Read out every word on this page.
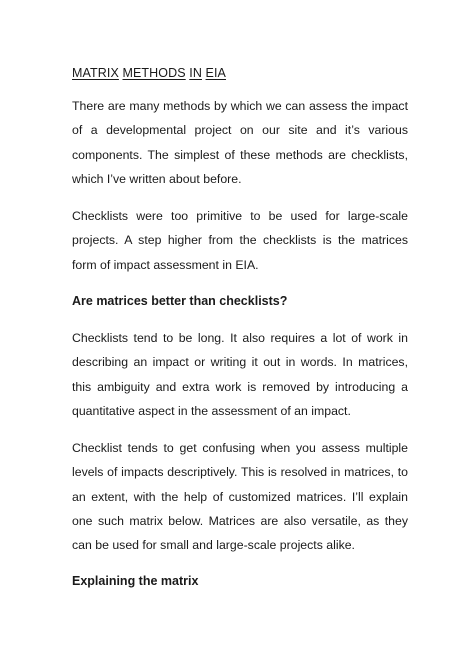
MATRIX METHODS IN EIA

There are many methods by which we can assess the impact of a developmental project on our site and it’s various components. The simplest of these methods are checklists, which I’ve written about before.

Checklists were too primitive to be used for large-scale projects. A step higher from the checklists is the matrices form of impact assessment in EIA.

Are matrices better than checklists?

Checklists tend to be long. It also requires a lot of work in describing an impact or writing it out in words. In matrices, this ambiguity and extra work is removed by introducing a quantitative aspect in the assessment of an impact.

Checklist tends to get confusing when you assess multiple levels of impacts descriptively. This is resolved in matrices, to an extent, with the help of customized matrices. I’ll explain one such matrix below. Matrices are also versatile, as they can be used for small and large-scale projects alike.

Explaining the matrix
